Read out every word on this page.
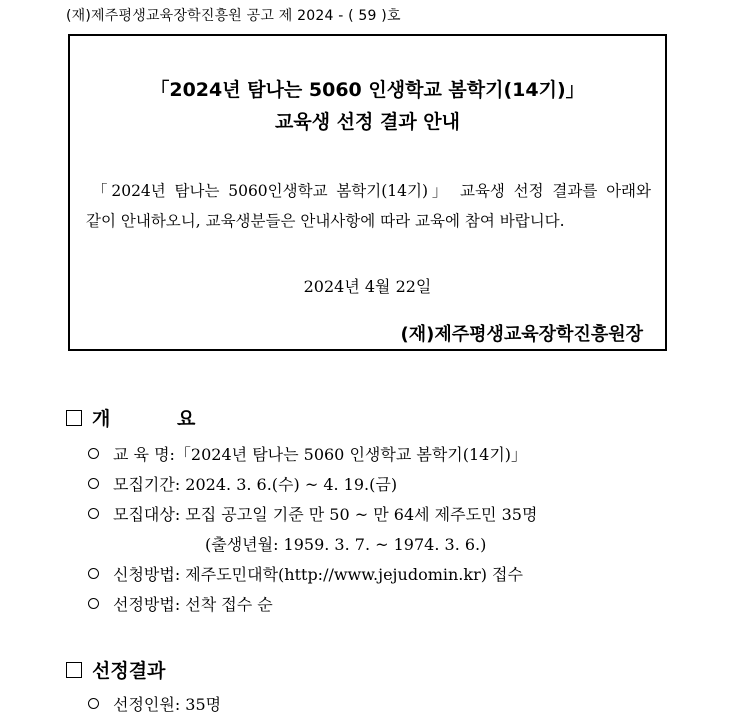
(재)제주평생교육장학진흥원 공고 제 2024 - ( 59 )호
「2024년 탐나는 5060 인생학교 봄학기(14기)」
교육생 선정 결과 안내
「2024년 탐나는 5060인생학교 봄학기(14기)」 교육생 선정 결과를 아래와
같이 안내하오니, 교육생분들은 안내사항에 따라 교육에 참여 바랍니다.
2024년 4월 22일
(재)제주평생교육장학진흥원장
개 요
교 육 명:「2024년 탐나는 5060 인생학교 봄학기(14기)」
모집기간: 2024. 3. 6.(수) ~ 4. 19.(금)
모집대상: 모집 공고일 기준 만 50 ~ 만 64세 제주도민 35명
(출생년월: 1959. 3. 7. ~ 1974. 3. 6.)
신청방법: 제주도민대학(http://www.jejudomin.kr) 접수
선정방법: 선착 접수 순
선정결과
선정인원: 35명
